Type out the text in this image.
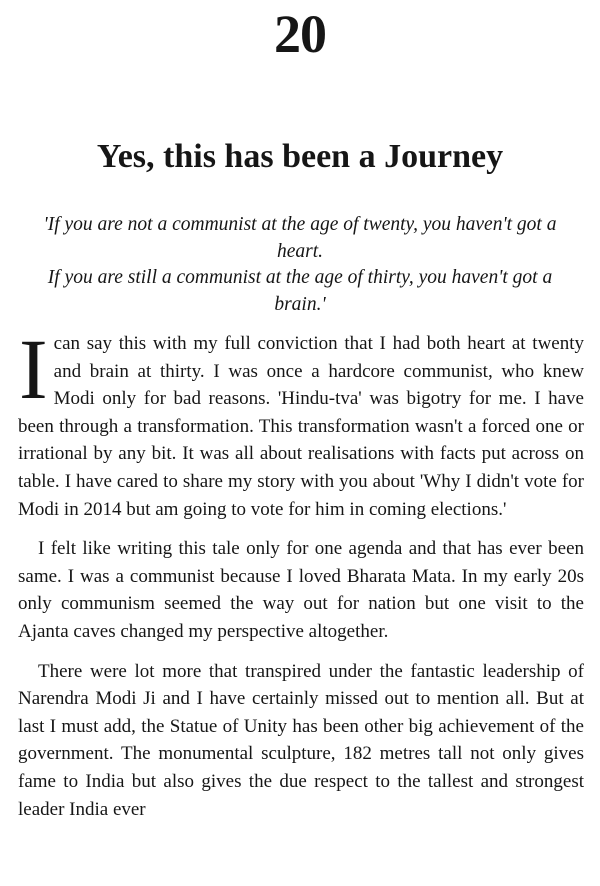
20
Yes, this has been a Journey

'If you are not a communist at the age of twenty, you haven't got a heart.

If you are still a communist at the age of thirty, you haven't got a brain.'

Ican say this with my full conviction that I had both heart at twenty and brain at thirty. I was once a hardcore communist, who knew Modi only for bad reasons. 'Hindu-tva' was bigotry for me. I have been through a transformation. This transformation wasn't a forced one or irrational by any bit. It was all about realisations with facts put across on table. I have cared to share my story with you about 'Why I didn't vote for Modi in 2014 but am going to vote for him in coming elections.'

I felt like writing this tale only for one agenda and that has ever been same. I was a communist because I loved Bharata Mata. In my early 20s only communism seemed the way out for nation but one visit to the Ajanta caves changed my perspective altogether.

There were lot more that transpired under the fantastic leadership of Narendra Modi Ji and I have certainly missed out to mention all. But at last I must add, the Statue of Unity has been other big achievement of the government. The monumental sculpture, 182 metres tall not only gives fame to India but also gives the due respect to the tallest and strongest leader India ever
